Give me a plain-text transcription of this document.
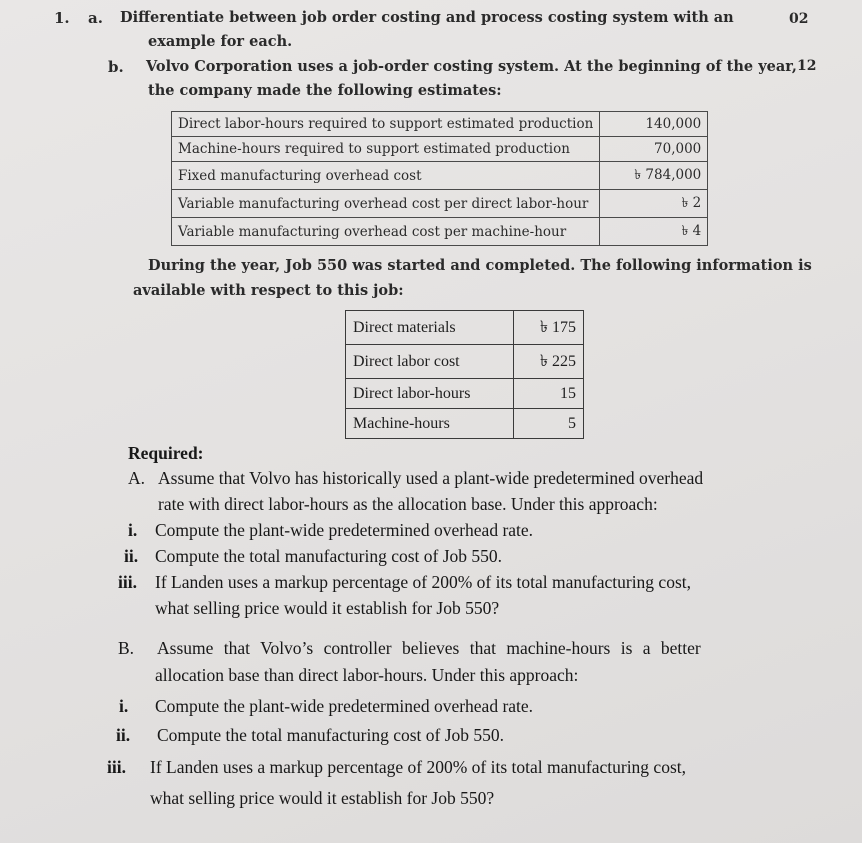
1. a. Differentiate between job order costing and process costing system with an
example for each.
02
b. Volvo Corporation uses a job-order costing system. At the beginning of the year,
the company made the following estimates:
12
Direct labor-hours required to support estimated production	140,000
Machine-hours required to support estimated production	70,000
Fixed manufacturing overhead cost	৳ 784,000
Variable manufacturing overhead cost per direct labor-hour	৳ 2
Variable manufacturing overhead cost per machine-hour	৳ 4
During the year, Job 550 was started and completed. The following information is
available with respect to this job:
Direct materials	৳ 175
Direct labor cost	৳ 225
Direct labor-hours	15
Machine-hours	5
Required:
A. Assume that Volvo has historically used a plant-wide predetermined overhead
rate with direct labor-hours as the allocation base. Under this approach:
i. Compute the plant-wide predetermined overhead rate.
ii. Compute the total manufacturing cost of Job 550.
iii. If Landen uses a markup percentage of 200% of its total manufacturing cost,
what selling price would it establish for Job 550?
B. Assume that Volvo’s controller believes that machine-hours is a better
allocation base than direct labor-hours. Under this approach:
i. Compute the plant-wide predetermined overhead rate.
ii. Compute the total manufacturing cost of Job 550.
iii. If Landen uses a markup percentage of 200% of its total manufacturing cost,
what selling price would it establish for Job 550?
